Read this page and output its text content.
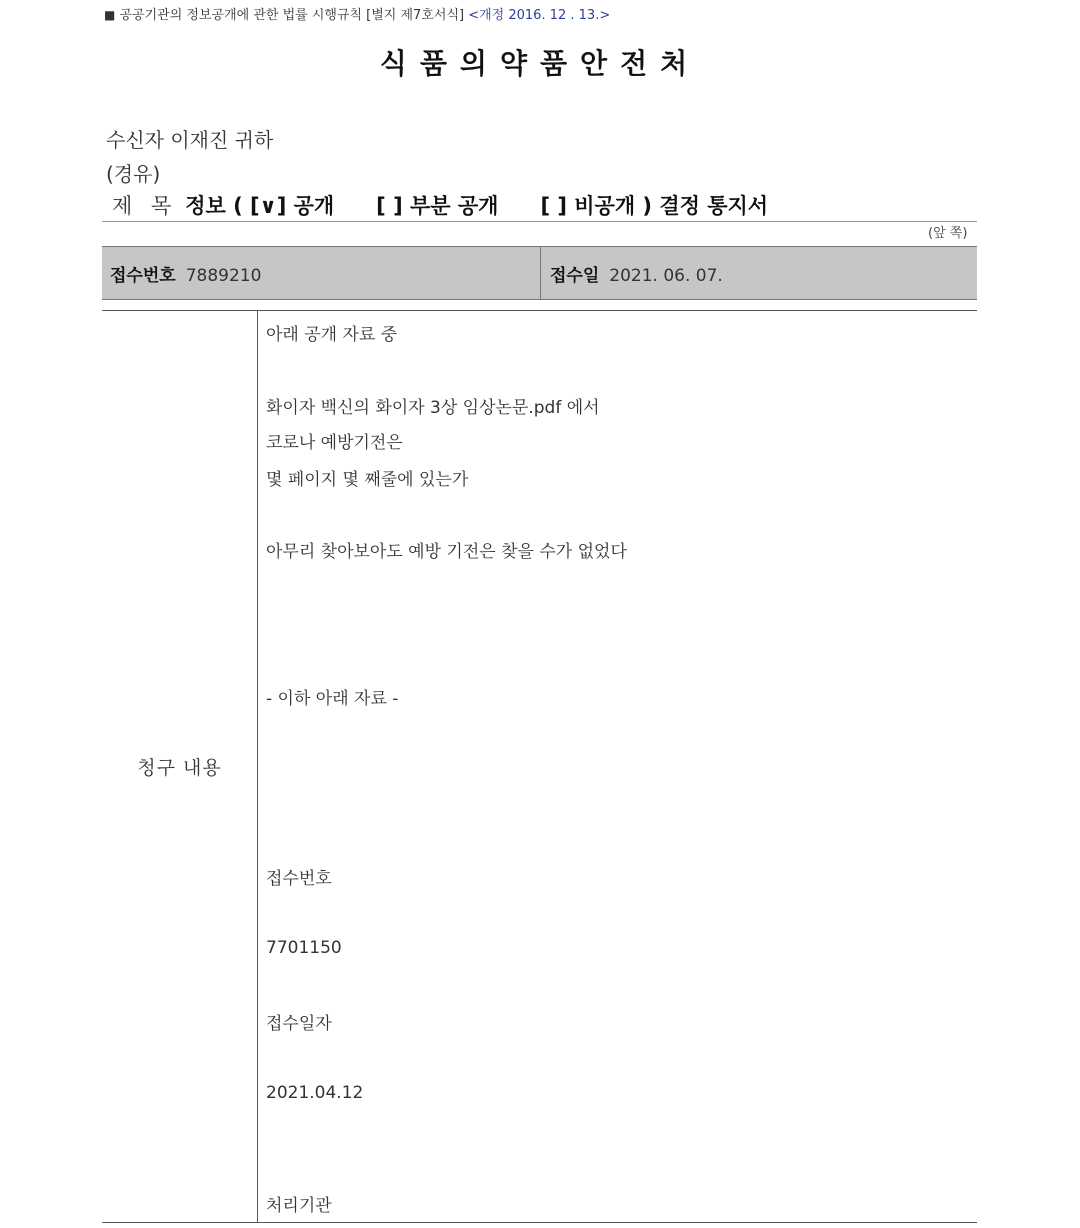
■ 공공기관의 정보공개에 관한 법률 시행규칙 [별지 제7호서식] <개정 2016. 12 . 13.>
식품의약품안전처
수신자 이재진 귀하
(경유)
제 목 정보 ( [∨] 공개　　[ ] 부분 공개　　[ ] 비공개 ) 결정 통지서
(앞 쪽)
접수번호 7889210	접수일 2021. 06. 07.
청구 내용
아래 공개 자료 중
화이자 백신의 화이자 3상 임상논문.pdf 에서
코로나 예방기전은
몇 페이지 몇 째줄에 있는가
아무리 찾아보아도 예방 기전은 찾을 수가 없었다
- 이하 아래 자료 -
접수번호
7701150
접수일자
2021.04.12
처리기관
